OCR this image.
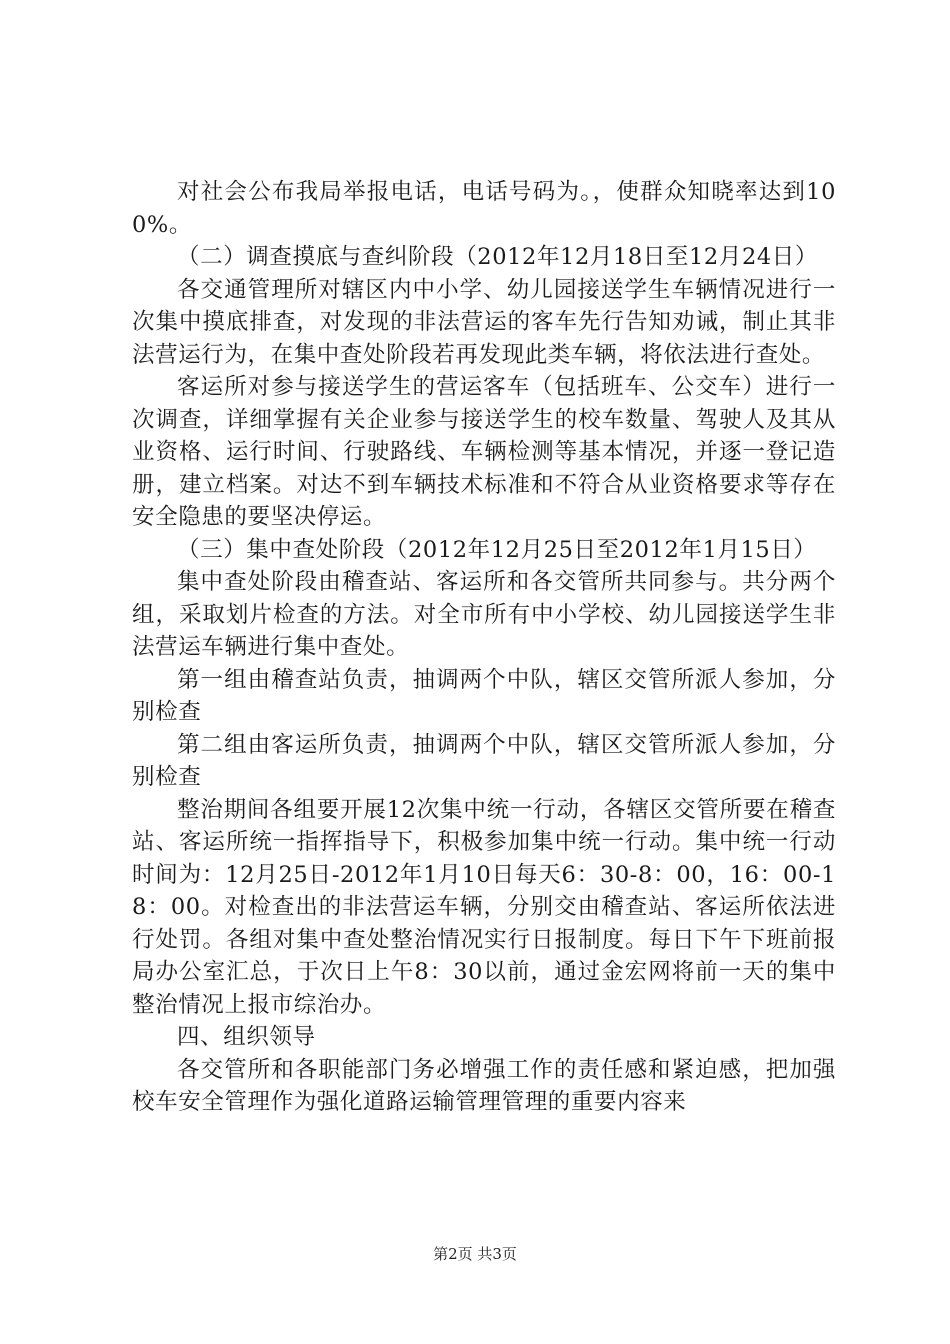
对社会公布我局举报电话，电话号码为。，使群众知晓率达到100%。

（二）调查摸底与查纠阶段（2012年12月18日至12月24日）

各交通管理所对辖区内中小学、幼儿园接送学生车辆情况进行一次集中摸底排查，对发现的非法营运的客车先行告知劝诫，制止其非法营运行为，在集中查处阶段若再发现此类车辆，将依法进行查处。

客运所对参与接送学生的营运客车（包括班车、公交车）进行一次调查，详细掌握有关企业参与接送学生的校车数量、驾驶人及其从业资格、运行时间、行驶路线、车辆检测等基本情况，并逐一登记造册，建立档案。对达不到车辆技术标准和不符合从业资格要求等存在安全隐患的要坚决停运。

（三）集中查处阶段（2012年12月25日至2012年1月15日）

集中查处阶段由稽查站、客运所和各交管所共同参与。共分两个组，采取划片检查的方法。对全市所有中小学校、幼儿园接送学生非法营运车辆进行集中查处。

第一组由稽查站负责，抽调两个中队，辖区交管所派人参加，分别检查

第二组由客运所负责，抽调两个中队，辖区交管所派人参加，分别检查

整治期间各组要开展12次集中统一行动，各辖区交管所要在稽查站、客运所统一指挥指导下，积极参加集中统一行动。集中统一行动时间为：12月25日-2012年1月10日每天6：30-8：00，16：00-18：00。对检查出的非法营运车辆，分别交由稽查站、客运所依法进行处罚。各组对集中查处整治情况实行日报制度。每日下午下班前报局办公室汇总，于次日上午8：30以前，通过金宏网将前一天的集中整治情况上报市综治办。

四、组织领导

各交管所和各职能部门务必增强工作的责任感和紧迫感，把加强校车安全管理作为强化道路运输管理管理的重要内容来

第2页 共3页
